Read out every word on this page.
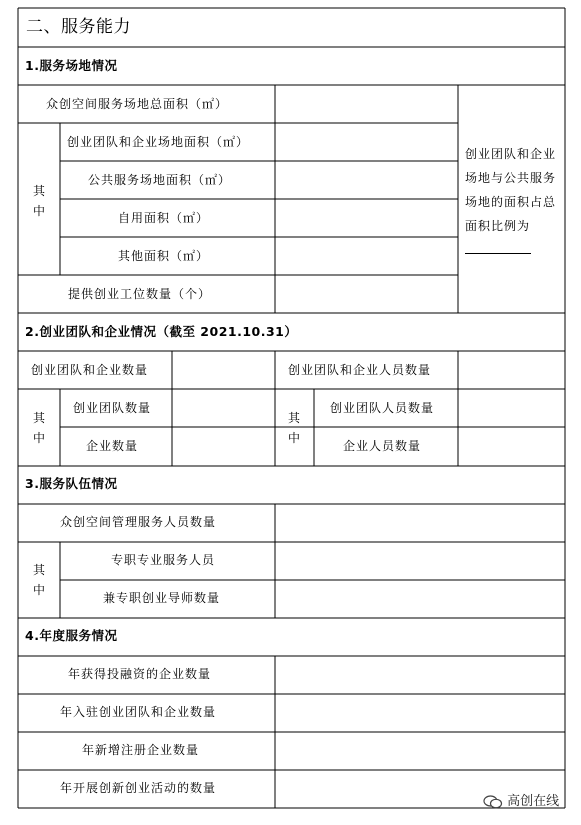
二、服务能力
1.服务场地情况
众创空间服务场地总面积（㎡）
其中
创业团队和企业场地面积（㎡）
公共服务场地面积（㎡）
自用面积（㎡）
其他面积（㎡）
提供创业工位数量（个）
创业团队和企业场地与公共服务场地的面积占总面积比例为
2.创业团队和企业情况（截至 2021.10.31）
创业团队和企业数量	创业团队和企业人员数量
其中
其中
创业团队数量
企业数量
创业团队人员数量
企业人员数量
3.服务队伍情况
众创空间管理服务人员数量
其中
专职专业服务人员
兼专职创业导师数量
4.年度服务情况
年获得投融资的企业数量
年入驻创业团队和企业数量
年新增注册企业数量
年开展创新创业活动的数量
高创在线
